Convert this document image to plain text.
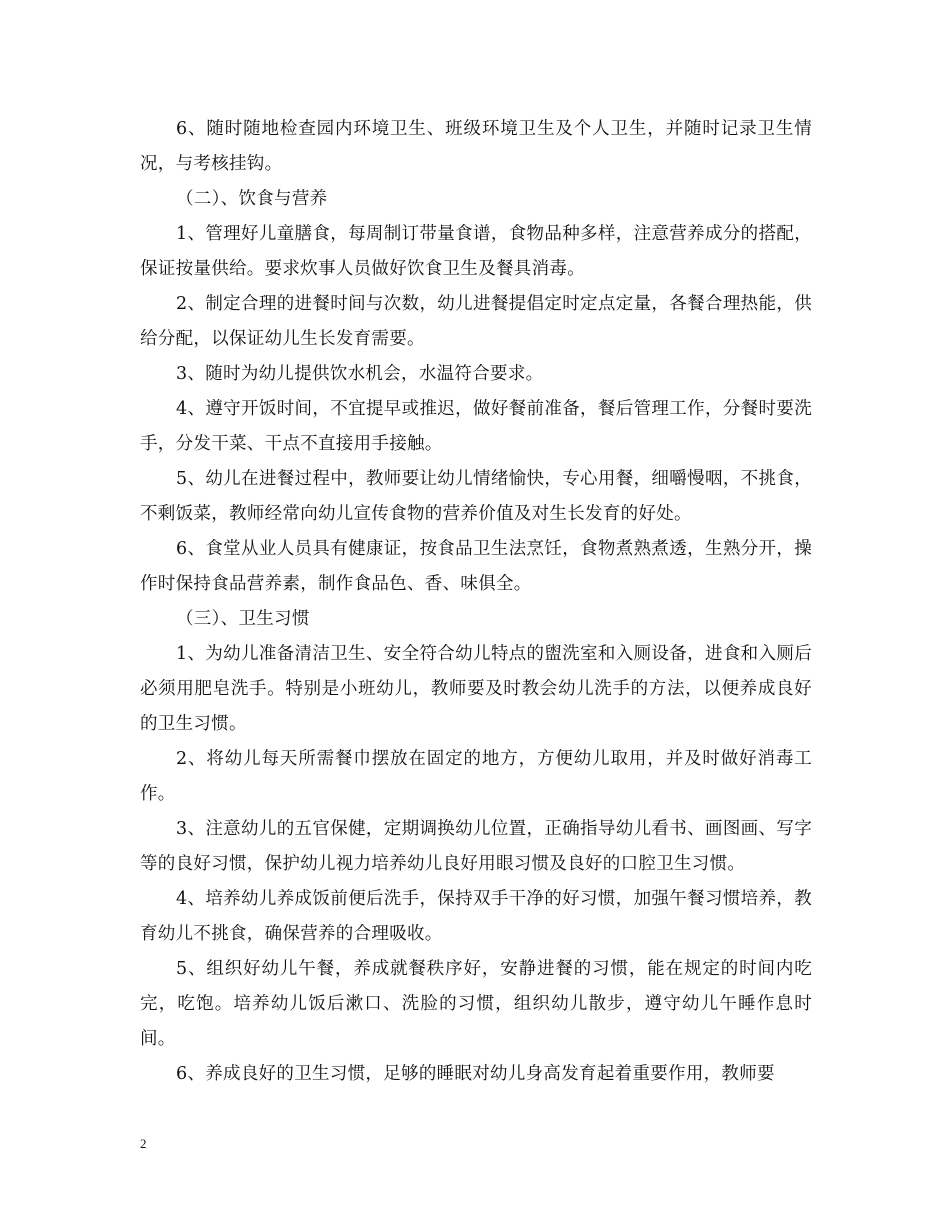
6、随时随地检查园内环境卫生、班级环境卫生及个人卫生，并随时记录卫生情况，与考核挂钩。

（二）、饮食与营养

1、管理好儿童膳食，每周制订带量食谱，食物品种多样，注意营养成分的搭配，保证按量供给。要求炊事人员做好饮食卫生及餐具消毒。

2、制定合理的进餐时间与次数，幼儿进餐提倡定时定点定量，各餐合理热能，供给分配，以保证幼儿生长发育需要。

3、随时为幼儿提供饮水机会，水温符合要求。

4、遵守开饭时间，不宜提早或推迟，做好餐前准备，餐后管理工作，分餐时要洗手，分发干菜、干点不直接用手接触。

5、幼儿在进餐过程中，教师要让幼儿情绪愉快，专心用餐，细嚼慢咽，不挑食，不剩饭菜，教师经常向幼儿宣传食物的营养价值及对生长发育的好处。

6、食堂从业人员具有健康证，按食品卫生法烹饪，食物煮熟煮透，生熟分开，操作时保持食品营养素，制作食品色、香、味俱全。

（三）、卫生习惯

1、为幼儿准备清洁卫生、安全符合幼儿特点的盥洗室和入厕设备，进食和入厕后必须用肥皂洗手。特别是小班幼儿，教师要及时教会幼儿洗手的方法，以便养成良好的卫生习惯。

2、将幼儿每天所需餐巾摆放在固定的地方，方便幼儿取用，并及时做好消毒工作。

3、注意幼儿的五官保健，定期调换幼儿位置，正确指导幼儿看书、画图画、写字等的良好习惯，保护幼儿视力培养幼儿良好用眼习惯及良好的口腔卫生习惯。

4、培养幼儿养成饭前便后洗手，保持双手干净的好习惯，加强午餐习惯培养，教育幼儿不挑食，确保营养的合理吸收。

5、组织好幼儿午餐，养成就餐秩序好，安静进餐的习惯，能在规定的时间内吃完，吃饱。培养幼儿饭后漱口、洗脸的习惯，组织幼儿散步，遵守幼儿午睡作息时间。

6、养成良好的卫生习惯，足够的睡眠对幼儿身高发育起着重要作用，教师要

2
